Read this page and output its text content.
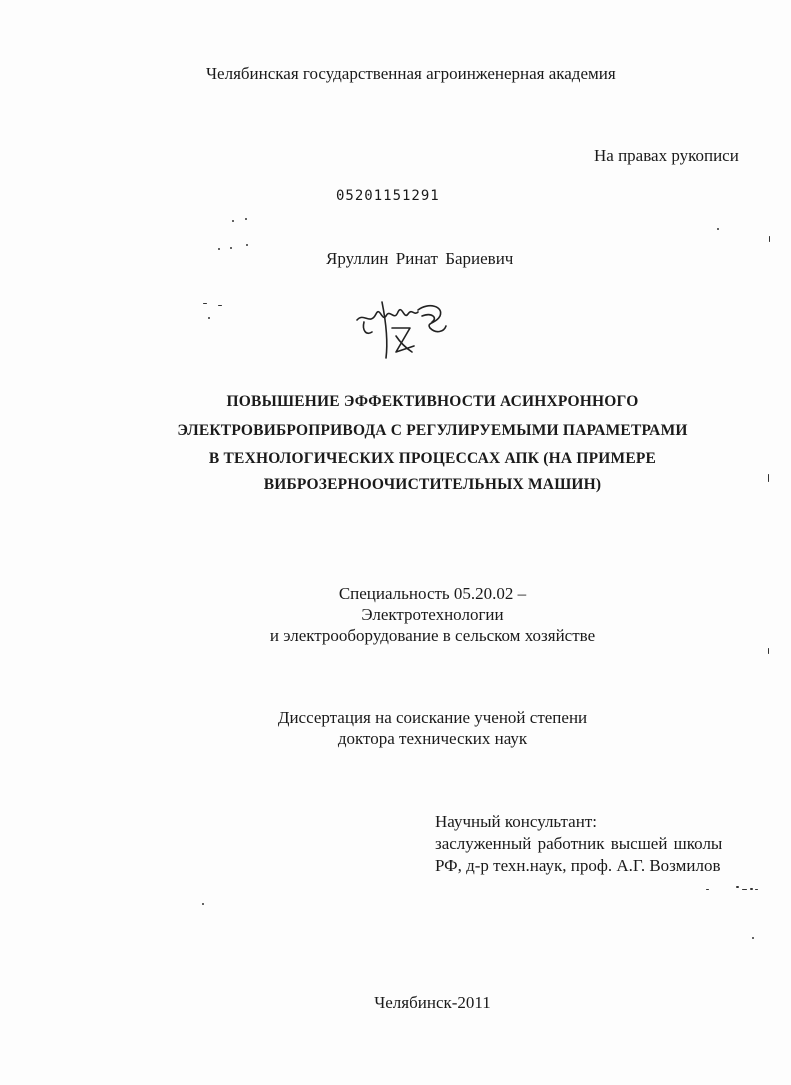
Челябинская государственная агроинженерная академия
На правах рукописи
05201151291
Яруллин Ринат Бариевич
ПОВЫШЕНИЕ ЭФФЕКТИВНОСТИ АСИНХРОННОГО
ЭЛЕКТРОВИБРОПРИВОДА С РЕГУЛИРУЕМЫМИ ПАРАМЕТРАМИ
В ТЕХНОЛОГИЧЕСКИХ ПРОЦЕССАХ АПК (НА ПРИМЕРЕ
ВИБРОЗЕРНООЧИСТИТЕЛЬНЫХ МАШИН)
Специальность 05.20.02 –
Электротехнологии
и электрооборудование в сельском хозяйстве
Диссертация на соискание ученой степени
доктора технических наук
Научный консультант:
заслуженный работник высшей школы
РФ, д-р техн.наук, проф. А.Г. Возмилов
Челябинск-2011
